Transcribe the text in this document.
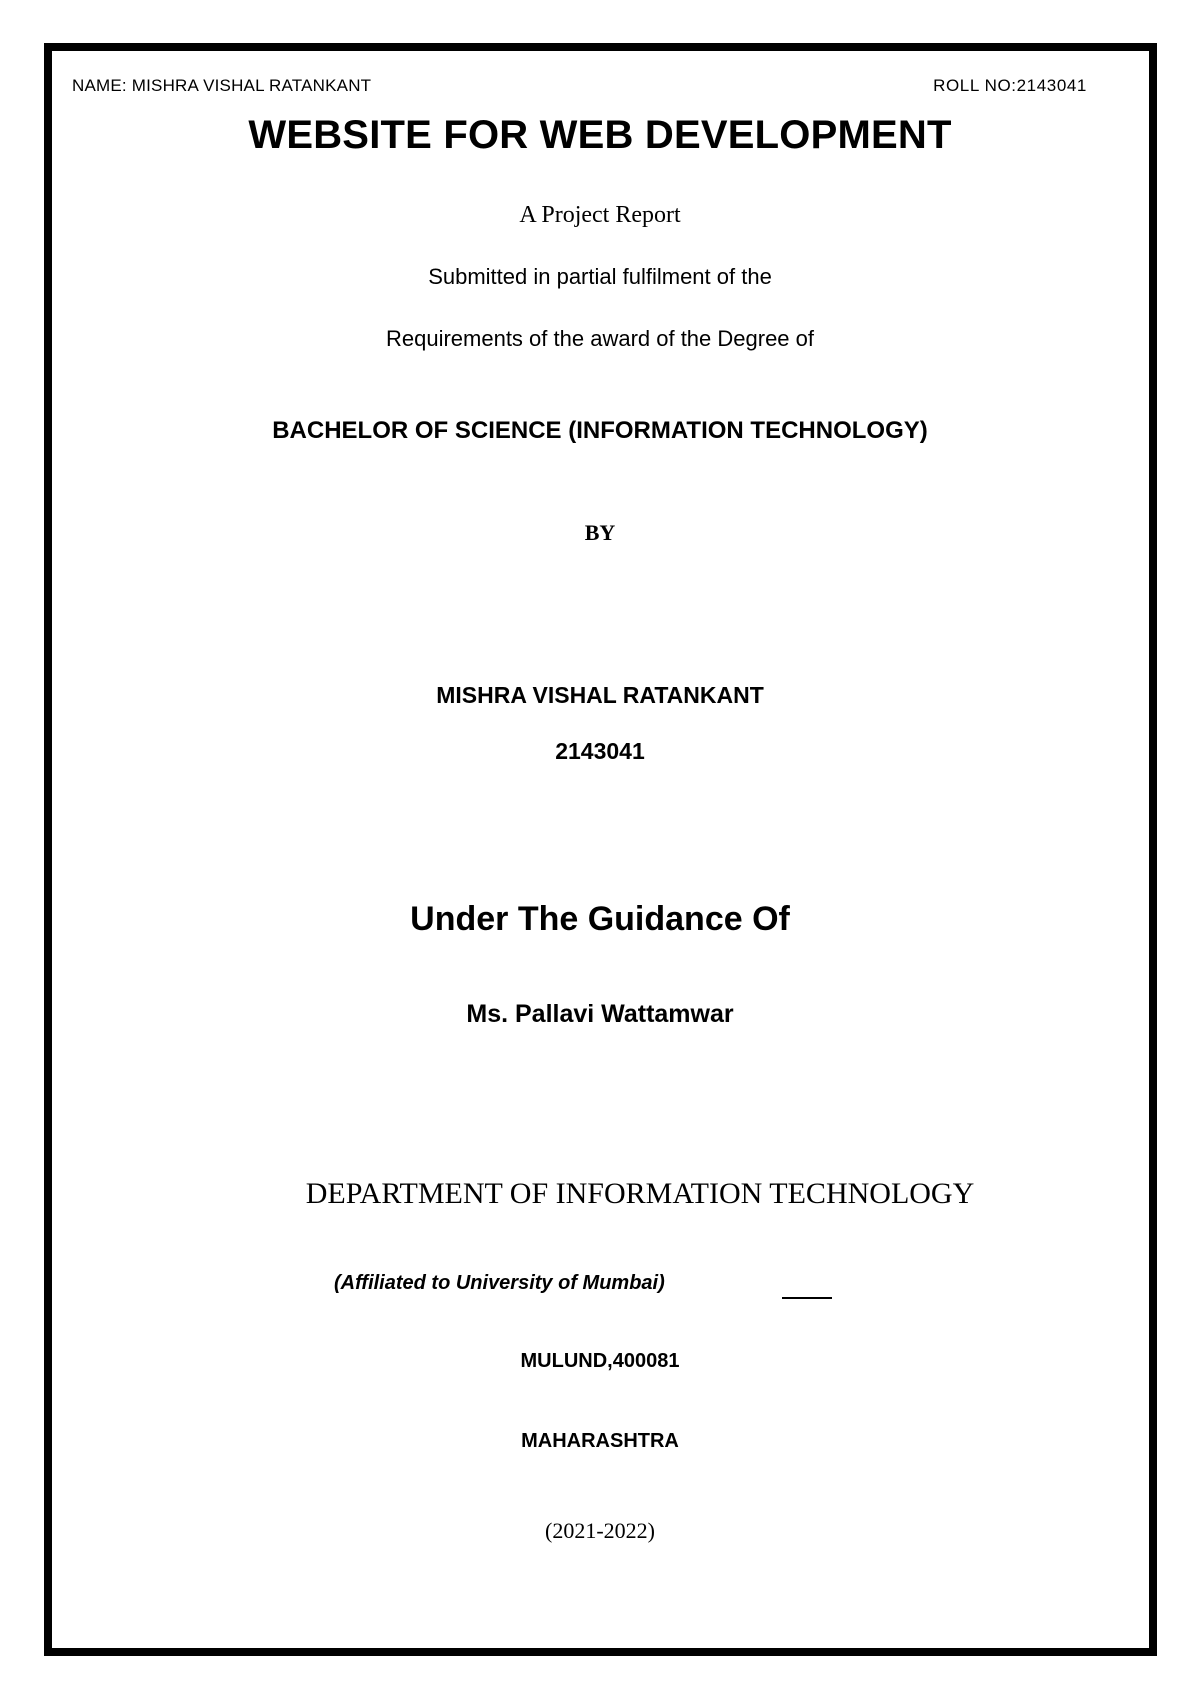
NAME: MISHRA VISHAL RATANKANT	ROLL NO:2143041
WEBSITE FOR WEB DEVELOPMENT
A Project Report
Submitted in partial fulfilment of the
Requirements of the award of the Degree of
BACHELOR OF SCIENCE (INFORMATION TECHNOLOGY)
BY
MISHRA VISHAL RATANKANT
2143041
Under The Guidance Of
Ms. Pallavi Wattamwar
DEPARTMENT OF INFORMATION TECHNOLOGY
(Affiliated to University of Mumbai)
MULUND,400081
MAHARASHTRA
(2021-2022)
